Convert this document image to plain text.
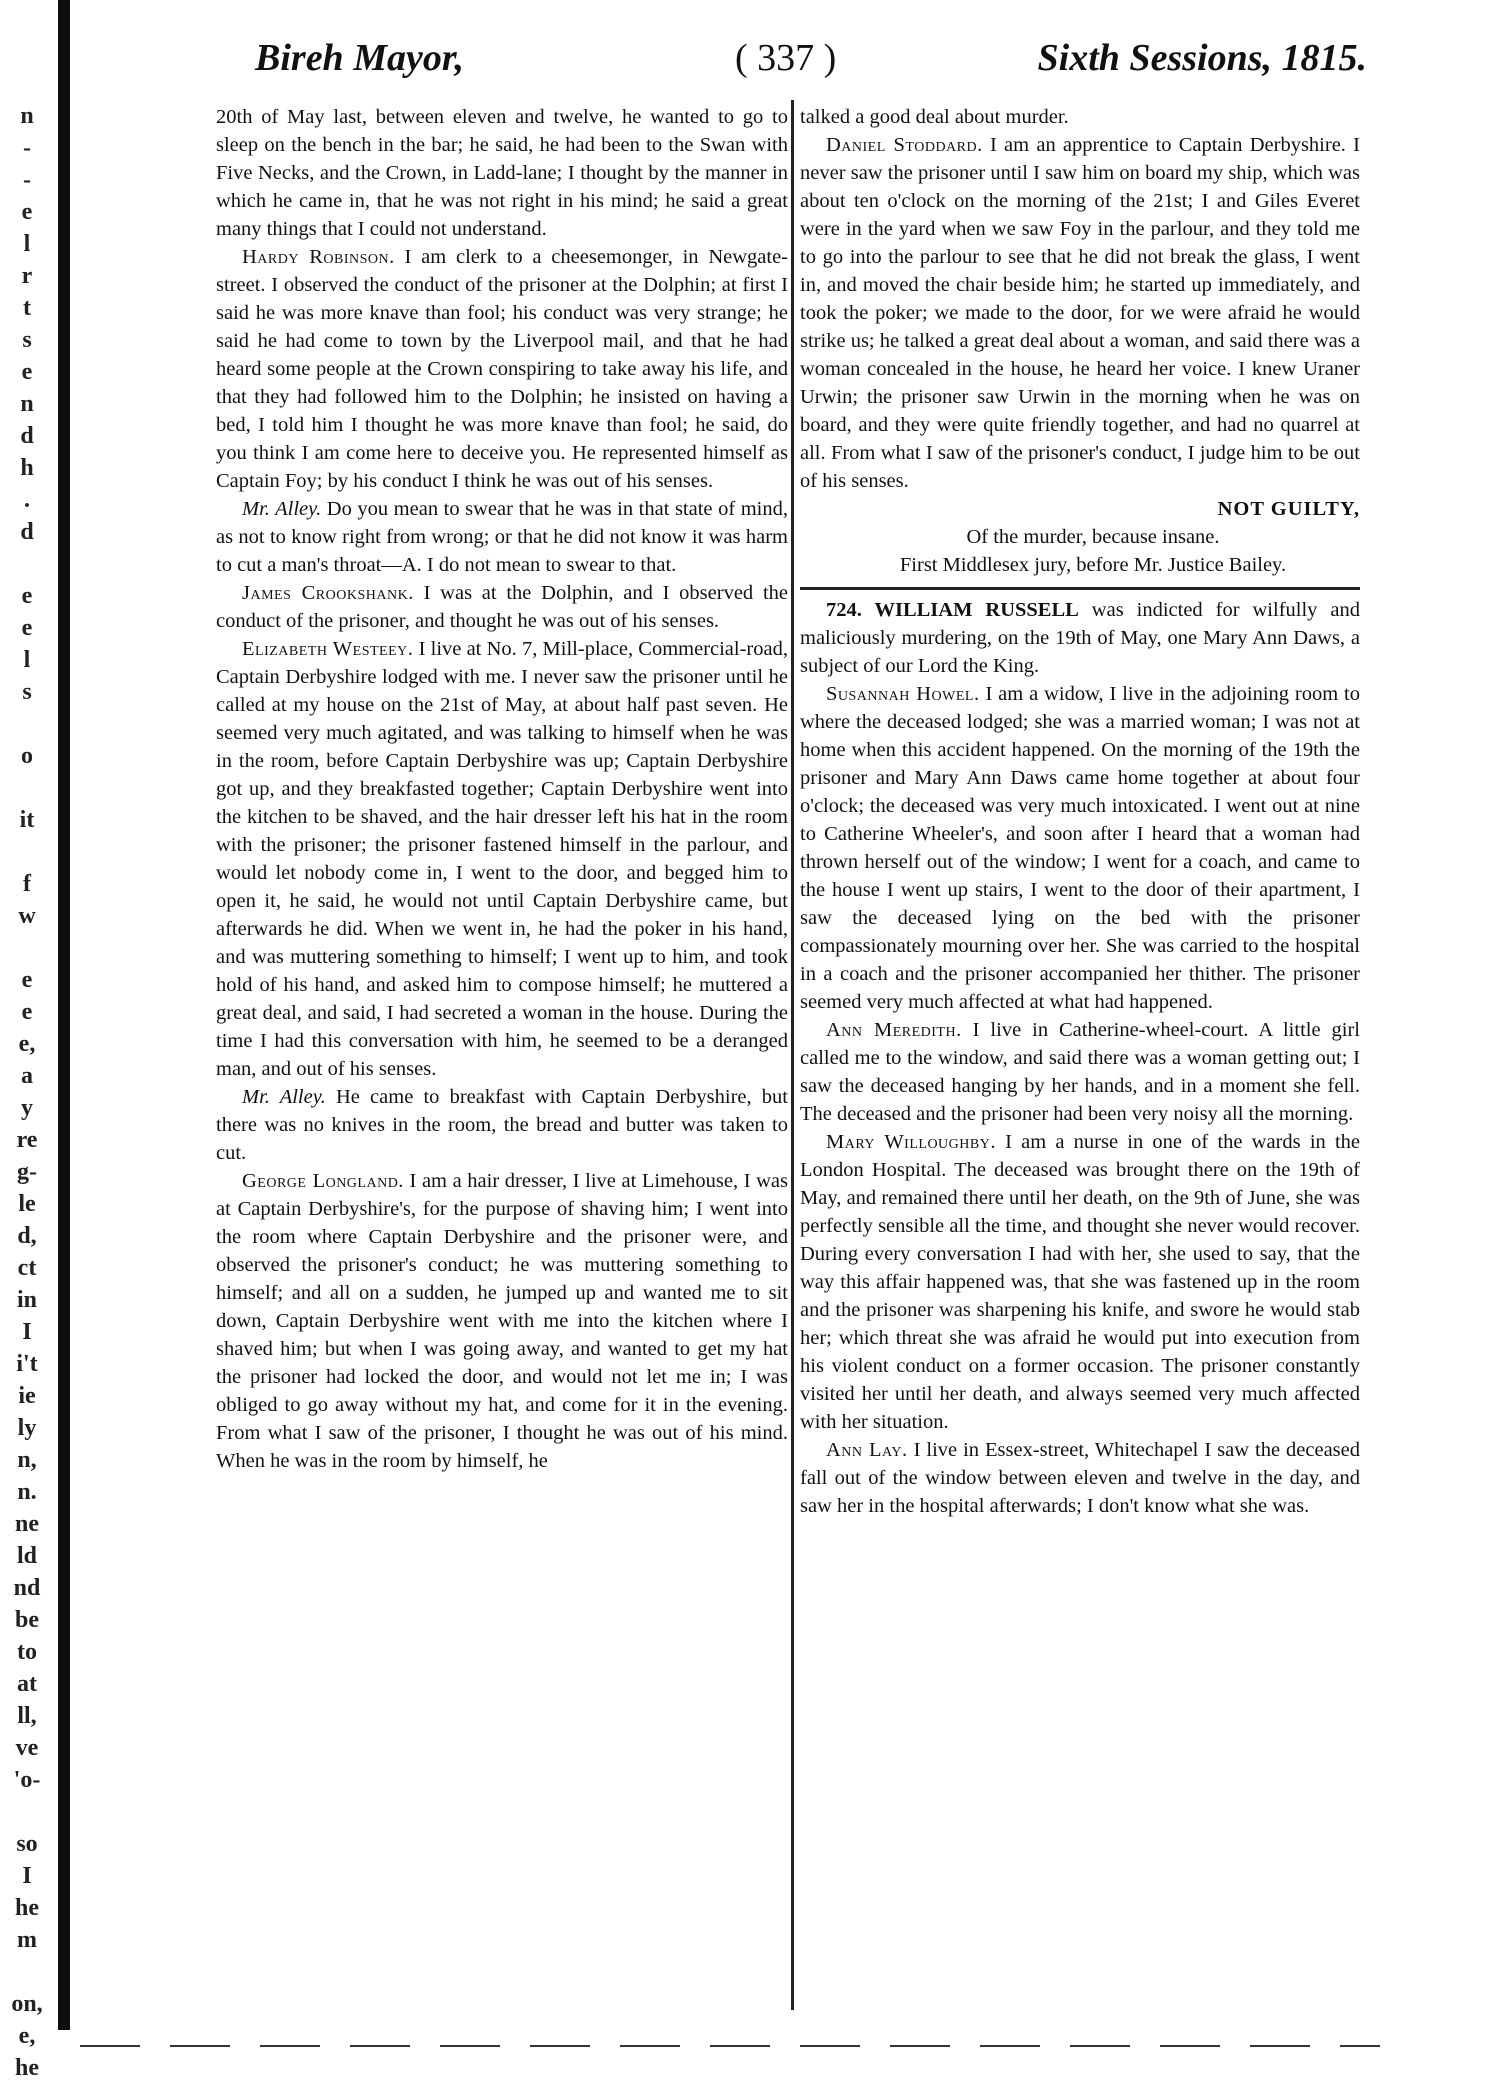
n
-
-
e
l
r
t
s
e
n
d
h
.
d
e
e
l
s
o
it
f
w
e
e
e,
a
y
re
g-
le
d,
ct
in
I
i't
ie
ly
n,
n.
ne
ld
nd
be
to
at
ll,
ve
'o-
so
I
he
m
on,
e,
he
Bireh Mayor,	( 337 )	Sixth Sessions, 1815.

20th of May last, between eleven and twelve, he wanted to go to sleep on the bench in the bar; he said, he had been to the Swan with Five Necks, and the Crown, in Ladd-lane; I thought by the manner in which he came in, that he was not right in his mind; he said a great many things that I could not understand.

Hardy Robinson. I am clerk to a cheesemonger, in Newgate-street. I observed the conduct of the prisoner at the Dolphin; at first I said he was more knave than fool; his conduct was very strange; he said he had come to town by the Liverpool mail, and that he had heard some people at the Crown conspiring to take away his life, and that they had followed him to the Dolphin; he insisted on having a bed, I told him I thought he was more knave than fool; he said, do you think I am come here to deceive you. He represented himself as Captain Foy; by his conduct I think he was out of his senses.

Mr. Alley. Do you mean to swear that he was in that state of mind, as not to know right from wrong; or that he did not know it was harm to cut a man's throat—A. I do not mean to swear to that.

James Crookshank. I was at the Dolphin, and I observed the conduct of the prisoner, and thought he was out of his senses.

Elizabeth Westeey. I live at No. 7, Mill-place, Commercial-road, Captain Derbyshire lodged with me. I never saw the prisoner until he called at my house on the 21st of May, at about half past seven. He seemed very much agitated, and was talking to himself when he was in the room, before Captain Derbyshire was up; Captain Derbyshire got up, and they breakfasted together; Captain Derbyshire went into the kitchen to be shaved, and the hair dresser left his hat in the room with the prisoner; the prisoner fastened himself in the parlour, and would let nobody come in, I went to the door, and begged him to open it, he said, he would not until Captain Derbyshire came, but afterwards he did. When we went in, he had the poker in his hand, and was muttering something to himself; I went up to him, and took hold of his hand, and asked him to compose himself; he muttered a great deal, and said, I had secreted a woman in the house. During the time I had this conversation with him, he seemed to be a deranged man, and out of his senses.

Mr. Alley. He came to breakfast with Captain Derbyshire, but there was no knives in the room, the bread and butter was taken to cut.

George Longland. I am a hair dresser, I live at Limehouse, I was at Captain Derbyshire's, for the purpose of shaving him; I went into the room where Captain Derbyshire and the prisoner were, and observed the prisoner's conduct; he was muttering something to himself; and all on a sudden, he jumped up and wanted me to sit down, Captain Derbyshire went with me into the kitchen where I shaved him; but when I was going away, and wanted to get my hat the prisoner had locked the door, and would not let me in; I was obliged to go away without my hat, and come for it in the evening. From what I saw of the prisoner, I thought he was out of his mind. When he was in the room by himself, he

talked a good deal about murder.

Daniel Stoddard. I am an apprentice to Captain Derbyshire. I never saw the prisoner until I saw him on board my ship, which was about ten o'clock on the morning of the 21st; I and Giles Everet were in the yard when we saw Foy in the parlour, and they told me to go into the parlour to see that he did not break the glass, I went in, and moved the chair beside him; he started up immediately, and took the poker; we made to the door, for we were afraid he would strike us; he talked a great deal about a woman, and said there was a woman concealed in the house, he heard her voice. I knew Uraner Urwin; the prisoner saw Urwin in the morning when he was on board, and they were quite friendly together, and had no quarrel at all. From what I saw of the prisoner's conduct, I judge him to be out of his senses.

NOT GUILTY,

Of the murder, because insane.

First Middlesex jury, before Mr. Justice Bailey.

724. WILLIAM RUSSELL was indicted for wilfully and maliciously murdering, on the 19th of May, one Mary Ann Daws, a subject of our Lord the King.

Susannah Howel. I am a widow, I live in the adjoining room to where the deceased lodged; she was a married woman; I was not at home when this accident happened. On the morning of the 19th the prisoner and Mary Ann Daws came home together at about four o'clock; the deceased was very much intoxicated. I went out at nine to Catherine Wheeler's, and soon after I heard that a woman had thrown herself out of the window; I went for a coach, and came to the house I went up stairs, I went to the door of their apartment, I saw the deceased lying on the bed with the prisoner compassionately mourning over her. She was carried to the hospital in a coach and the prisoner accompanied her thither. The prisoner seemed very much affected at what had happened.

Ann Meredith. I live in Catherine-wheel-court. A little girl called me to the window, and said there was a woman getting out; I saw the deceased hanging by her hands, and in a moment she fell. The deceased and the prisoner had been very noisy all the morning.

Mary Willoughby. I am a nurse in one of the wards in the London Hospital. The deceased was brought there on the 19th of May, and remained there until her death, on the 9th of June, she was perfectly sensible all the time, and thought she never would recover. During every conversation I had with her, she used to say, that the way this affair happened was, that she was fastened up in the room and the prisoner was sharpening his knife, and swore he would stab her; which threat she was afraid he would put into execution from his violent conduct on a former occasion. The prisoner constantly visited her until her death, and always seemed very much affected with her situation.

Ann Lay. I live in Essex-street, Whitechapel I saw the deceased fall out of the window between eleven and twelve in the day, and saw her in the hospital afterwards; I don't know what she was.
